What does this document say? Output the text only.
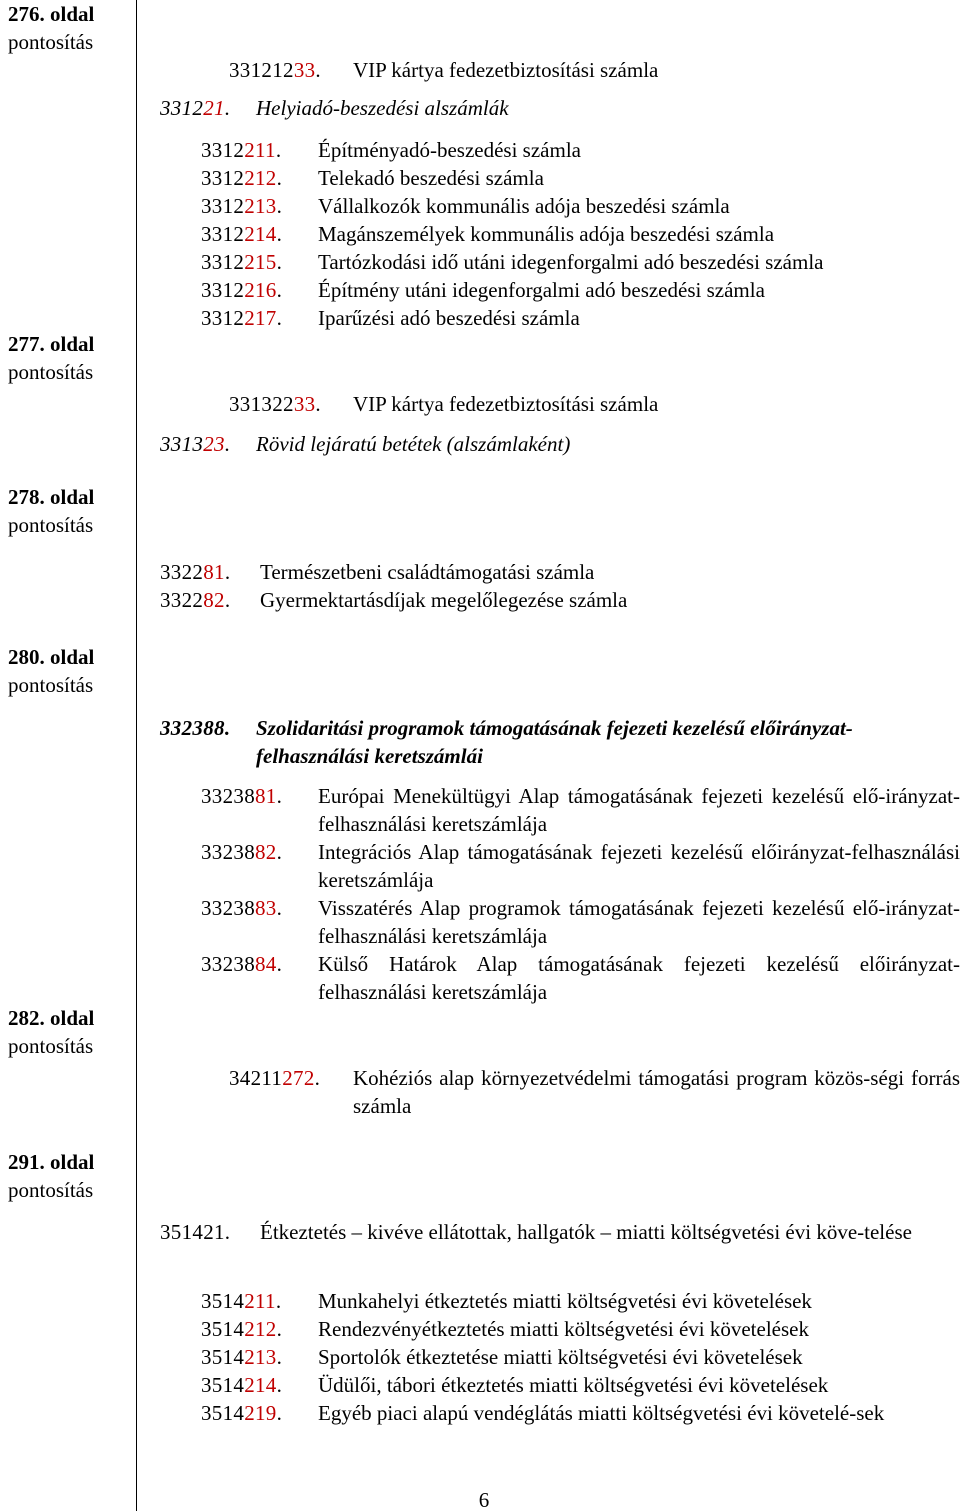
276. oldal
pontosítás
277. oldal
pontosítás
278. oldal
pontosítás
280. oldal
pontosítás
282. oldal
pontosítás
291. oldal
pontosítás
33121233. VIP kártya fedezetbiztosítási számla
331221. Helyiadó-beszedési alszámlák
3312211. Építményadó-beszedési számla
3312212. Telekadó beszedési számla
3312213. Vállalkozók kommunális adója beszedési számla
3312214. Magánszemélyek kommunális adója beszedési számla
3312215. Tartózkodási idő utáni idegenforgalmi adó beszedési számla
3312216. Építmény utáni idegenforgalmi adó beszedési számla
3312217. Iparűzési adó beszedési számla
33132233. VIP kártya fedezetbiztosítási számla
331323. Rövid lejáratú betétek (alszámlaként)
332281. Természetbeni családtámogatási számla
332282. Gyermektartásdíjak megelőlegezése számla
332388. Szolidaritási programok támogatásának fejezeti kezelésű előirányzat-felhasználási keretszámlái
3323881. Európai Menekültügyi Alap támogatásának fejezeti kezelésű elő-irányzat-felhasználási keretszámlája
3323882. Integrációs Alap támogatásának fejezeti kezelésű előirányzat-felhasználási keretszámlája
3323883. Visszatérés Alap programok támogatásának fejezeti kezelésű elő-irányzat-felhasználási keretszámlája
3323884. Külső Határok Alap támogatásának fejezeti kezelésű előirányzat-felhasználási keretszámlája
34211272. Kohéziós alap környezetvédelmi támogatási program közös-ségi forrás számla
351421. Étkeztetés – kivéve ellátottak, hallgatók – miatti költségvetési évi köve-telése
3514211. Munkahelyi étkeztetés miatti költségvetési évi követelések
3514212. Rendezvényétkeztetés miatti költségvetési évi követelések
3514213. Sportolók étkeztetése miatti költségvetési évi követelések
3514214. Üdülői, tábori étkeztetés miatti költségvetési évi követelések
3514219. Egyéb piaci alapú vendéglátás miatti költségvetési évi követelé-sek
6
